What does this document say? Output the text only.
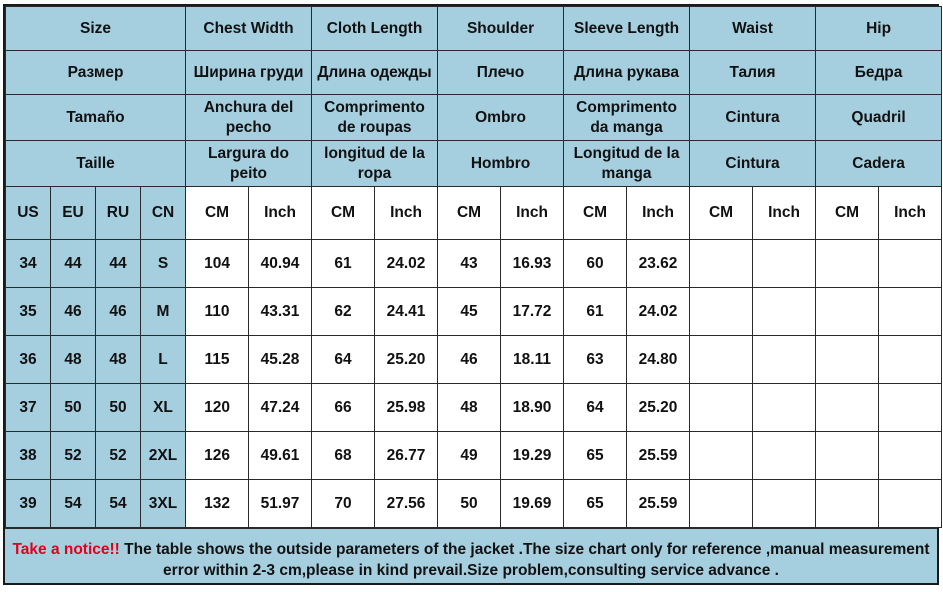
Size				Chest Width		Cloth Length		Shoulder		Sleeve Length		Waist		Hip	
Размер				Ширина груди		Длина одежды		Плечо		Длина рукава		Талия		Бедра	
Tamaño				Anchura del pecho		Comprimento de roupas		Ombro		Comprimento da manga		Cintura		Quadril	
Taille				Largura do peito		longitud de la ropa		Hombro		Longitud de la manga		Cintura		Cadera	
US	EU	RU	CN	CM	Inch	CM	Inch	CM	Inch	CM	Inch	CM	Inch	CM	Inch
34	44	44	S	104	40.94	61	24.02	43	16.93	60	23.62				
35	46	46	M	110	43.31	62	24.41	45	17.72	61	24.02				
36	48	48	L	115	45.28	64	25.20	46	18.11	63	24.80				
37	50	50	XL	120	47.24	66	25.98	48	18.90	64	25.20				
38	52	52	2XL	126	49.61	68	26.77	49	19.29	65	25.59				
39	54	54	3XL	132	51.97	70	27.56	50	19.69	65	25.59				
Take a notice!! The table shows the outside parameters of the jacket .The size chart only for reference ,manual measurement error within 2-3 cm,please in kind prevail.Size problem,consulting service advance .
